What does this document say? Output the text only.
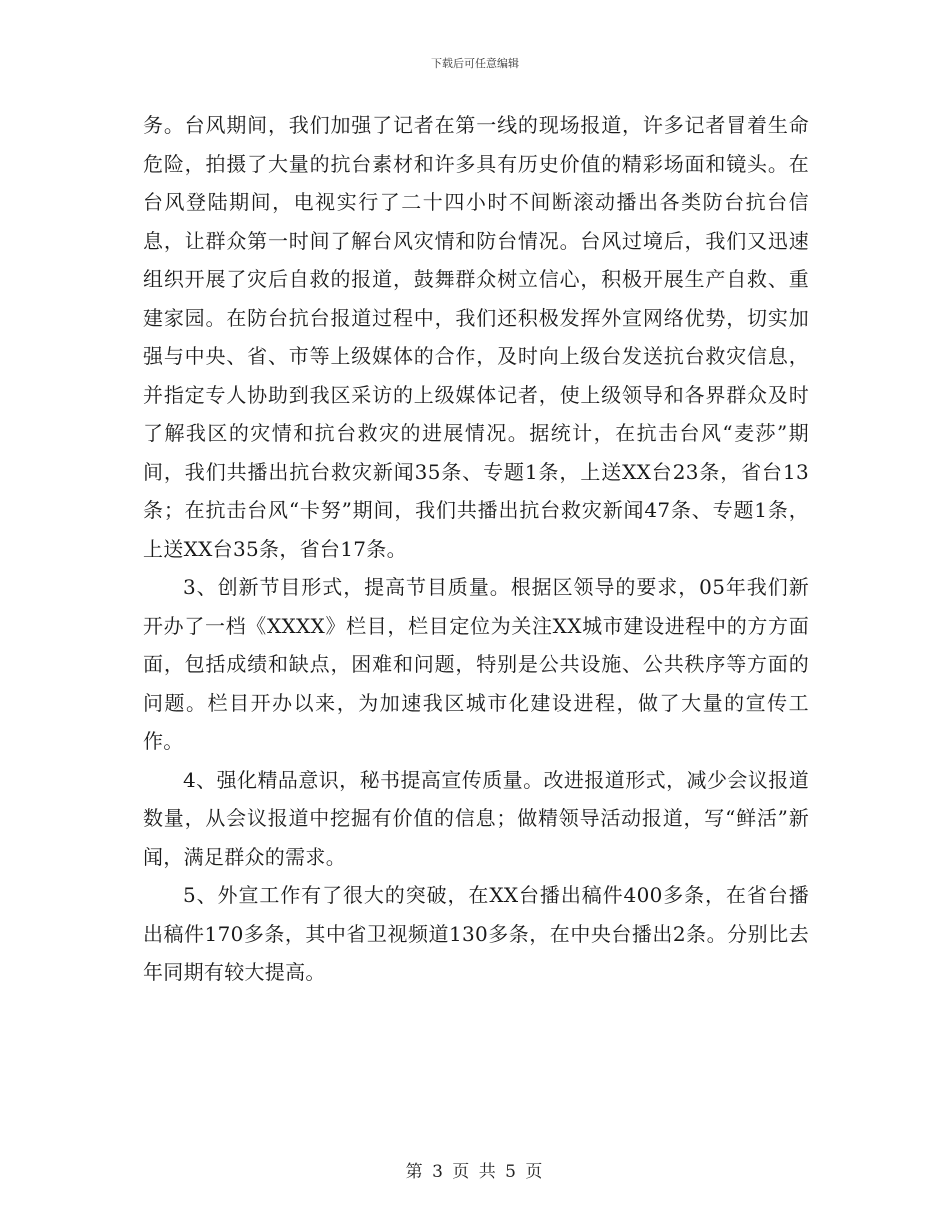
下载后可任意编辑

务。台风期间，我们加强了记者在第一线的现场报道，许多记者冒着生命危险，拍摄了大量的抗台素材和许多具有历史价值的精彩场面和镜头。在台风登陆期间，电视实行了二十四小时不间断滚动播出各类防台抗台信息，让群众第一时间了解台风灾情和防台情况。台风过境后，我们又迅速组织开展了灾后自救的报道，鼓舞群众树立信心，积极开展生产自救、重建家园。在防台抗台报道过程中，我们还积极发挥外宣网络优势，切实加强与中央、省、市等上级媒体的合作，及时向上级台发送抗台救灾信息，并指定专人协助到我区采访的上级媒体记者，使上级领导和各界群众及时了解我区的灾情和抗台救灾的进展情况。据统计，在抗击台风“麦莎”期间，我们共播出抗台救灾新闻35条、专题1条，上送XX台23条，省台13条；在抗击台风“卡努”期间，我们共播出抗台救灾新闻47条、专题1条，上送XX台35条，省台17条。

3、创新节目形式，提高节目质量。根据区领导的要求，05年我们新开办了一档《XXXX》栏目，栏目定位为关注XX城市建设进程中的方方面面，包括成绩和缺点，困难和问题，特别是公共设施、公共秩序等方面的问题。栏目开办以来，为加速我区城市化建设进程，做了大量的宣传工作。

4、强化精品意识，秘书提高宣传质量。改进报道形式，减少会议报道数量，从会议报道中挖掘有价值的信息；做精领导活动报道，写“鲜活”新闻，满足群众的需求。

5、外宣工作有了很大的突破，在XX台播出稿件400多条，在省台播出稿件170多条，其中省卫视频道130多条，在中央台播出2条。分别比去年同期有较大提高。

第 3 页 共 5 页
